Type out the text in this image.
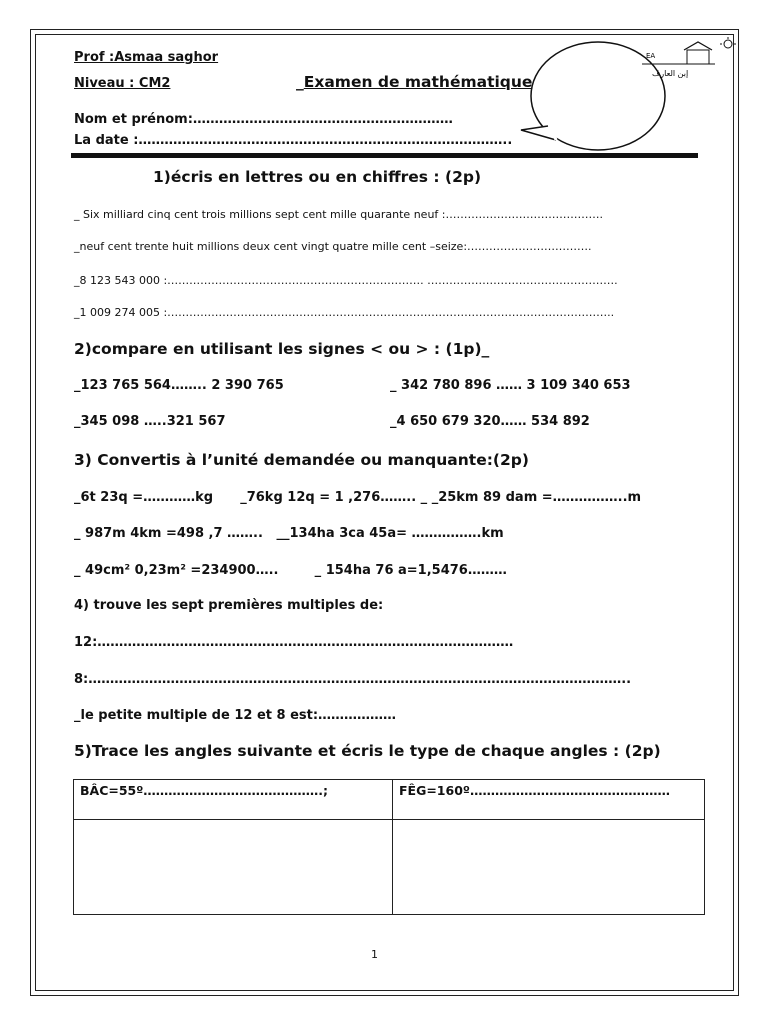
Prof :Asmaa saghor
Niveau : CM2	_Examen de mathématique
Nom et prénom:……………………………………………………
La date :…………………………………………………………………………..
EA
إبن العارف
1)écris en lettres ou en chiffres : (2p)
_ Six milliard cinq cent trois millions sept cent mille quarante neuf :…………………………………….
_neuf cent trente huit millions deux cent vingt quatre mille cent –seize:…………………………….
_8 123 543 000 :……………………………………………………………. …………………………………………….
_1 009 274 005 :…………………………………………………………………………………………………………..
2)compare en utilisant les signes < ou > : (1p)_
_123 765 564…….. 2 390 765	_ 342 780 896 …… 3 109 340 653
_345 098 …..321 567	_4 650 679 320…… 534 892
3) Convertis à l’unité demandée ou manquante:(2p)
_6t 23q =…………kg      _76kg 12q = 1 ,276…….. _ _25km 89 dam =……………..m
_ 987m 4km =498 ,7 ……..   __134ha 3ca 45a= …………….km
_ 49cm² 0,23m² =234900…..        _ 154ha 76 a=1,5476………
4) trouve les sept premières multiples de:
12:……………………………………………………………………………………
8:……………………………………………………………………………………………………………..
_le petite multiple de 12 et 8 est:………………
5)Trace les angles suivante et écris le type de chaque angles : (2p)
BÂC=55º…………………………………….;	FÊG=160º…………………………………………

1
